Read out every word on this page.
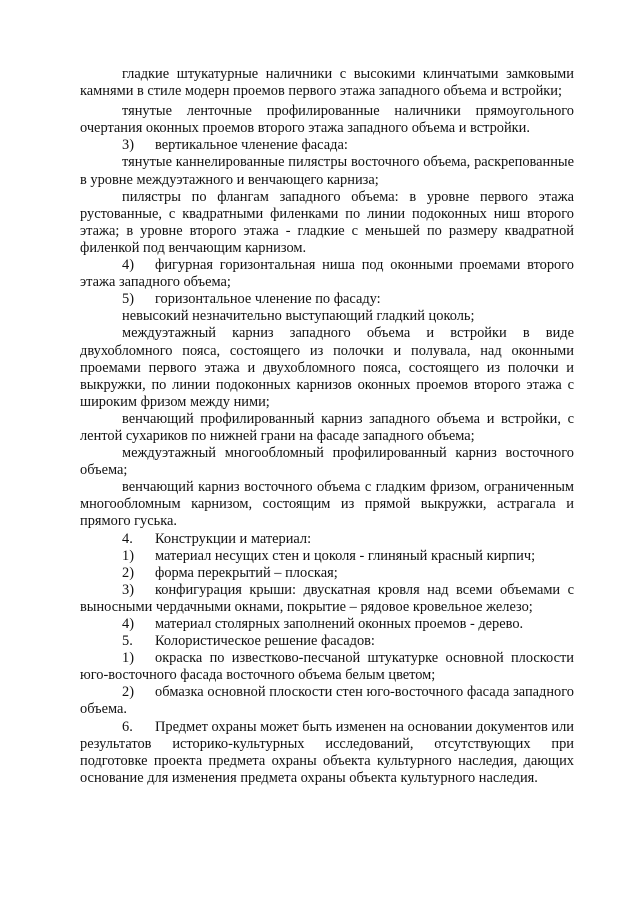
гладкие штукатурные наличники с высокими клинчатыми замковыми камнями в стиле модерн проемов первого этажа западного объема и встройки;

тянутые ленточные профилированные наличники прямоугольного очертания оконных проемов второго этажа западного объема и встройки.

3) вертикальное членение фасада:

тянутые каннелированные пилястры восточного объема, раскрепованные в уровне междуэтажного и венчающего карниза;

пилястры по флангам западного объема: в уровне первого этажа рустованные, с квадратными филенками по линии подоконных ниш второго этажа; в уровне второго этажа - гладкие с меньшей по размеру квадратной филенкой под венчающим карнизом.

4) фигурная горизонтальная ниша под оконными проемами второго этажа западного объема;

5) горизонтальное членение по фасаду:

невысокий незначительно выступающий гладкий цоколь;

междуэтажный карниз западного объема и встройки в виде двухобломного пояса, состоящего из полочки и полувала, над оконными проемами первого этажа и двухобломного пояса, состоящего из полочки и выкружки, по линии подоконных карнизов оконных проемов второго этажа с широким фризом между ними;

венчающий профилированный карниз западного объема и встройки, с лентой сухариков по нижней грани на фасаде западного объема;

междуэтажный многообломный профилированный карниз восточного объема;

венчающий карниз восточного объема с гладким фризом, ограниченным многообломным карнизом, состоящим из прямой выкружки, астрагала и прямого гуська.

4. Конструкции и материал:

1) материал несущих стен и цоколя - глиняный красный кирпич;

2) форма перекрытий – плоская;

3) конфигурация крыши: двускатная кровля над всеми объемами с выносными чердачными окнами, покрытие – рядовое кровельное железо;

4) материал столярных заполнений оконных проемов - дерево.

5. Колористическое решение фасадов:

1) окраска по известково-песчаной штукатурке основной плоскости юго-восточного фасада восточного объема белым цветом;

2) обмазка основной плоскости стен юго-восточного фасада западного объема.

6. Предмет охраны может быть изменен на основании документов или результатов историко-культурных исследований, отсутствующих при подготовке проекта предмета охраны объекта культурного наследия, дающих основание для изменения предмета охраны объекта культурного наследия.
